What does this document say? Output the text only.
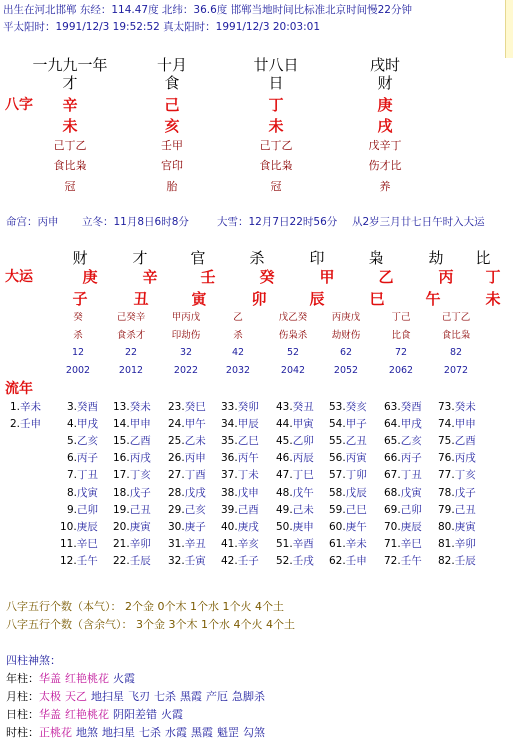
出生在河北邯郸 东经：114.47度 北纬：36.6度 邯郸当地时间比标准北京时间慢22分钟
平太阳时：1991/12/3 19:52:52 真太阳时：1991/12/3 20:03:01
一九九一年	十月	廿八日	戌时
才	食	日	财
辛	己	丁	庚
未	亥	未	戌
己丁乙	壬甲	己丁乙	戊辛丁
食比枭	官印	食比枭	伤才比
冠	胎	冠	养
八字
命宫：丙申 立冬：11月8日6时8分	大雪：12月7日22时56分 从2岁三月廿七日午时入大运
财	才	官	杀	印	枭	劫	比
庚	辛	壬	癸	甲	乙	丙	丁
子	丑	寅	卯	辰	巳	午	未
癸	己癸辛	甲丙戊	乙	戊乙癸	丙庚戊	丁己	己丁乙
杀	食杀才	印劫伤	杀	伤枭杀	劫财伤	比食	食比枭
12	22	32	42	52	62	72	82
2002	2012	2022	2032	2042	2052	2062	2072
大运
流年
1.辛未
2.壬申
3.癸酉
4.甲戌
5.乙亥
6.丙子
7.丁丑
8.戊寅
9.己卯
10.庚辰
11.辛巳
12.壬午
13.癸未
14.甲申
15.乙酉
16.丙戌
17.丁亥
18.戊子
19.己丑
20.庚寅
21.辛卯
22.壬辰
23.癸巳
24.甲午
25.乙未
26.丙申
27.丁酉
28.戊戌
29.己亥
30.庚子
31.辛丑
32.壬寅
33.癸卯
34.甲辰
35.乙巳
36.丙午
37.丁未
38.戊申
39.己酉
40.庚戌
41.辛亥
42.壬子
43.癸丑
44.甲寅
45.乙卯
46.丙辰
47.丁巳
48.戊午
49.己未
50.庚申
51.辛酉
52.壬戌
53.癸亥
54.甲子
55.乙丑
56.丙寅
57.丁卯
58.戊辰
59.己巳
60.庚午
61.辛未
62.壬申
63.癸酉
64.甲戌
65.乙亥
66.丙子
67.丁丑
68.戊寅
69.己卯
70.庚辰
71.辛巳
72.壬午
73.癸未
74.甲申
75.乙酉
76.丙戌
77.丁亥
78.戊子
79.己丑
80.庚寅
81.辛卯
82.壬辰
八字五行个数（本气）： 2个金 0个木 1个水 1个火 4个土
八字五行个数（含余气）： 3个金 3个木 1个水 4个火 4个土
四柱神煞：
年柱：华盖 红艳桃花 火霞
月柱：太极 天乙 地扫星 飞刃 七杀 黑霞 产厄 急脚杀
日柱：华盖 红艳桃花 阴阳差错 火霞
时柱：正桃花 地煞 地扫星 七杀 水霞 黑霞 魁罡 勾煞
